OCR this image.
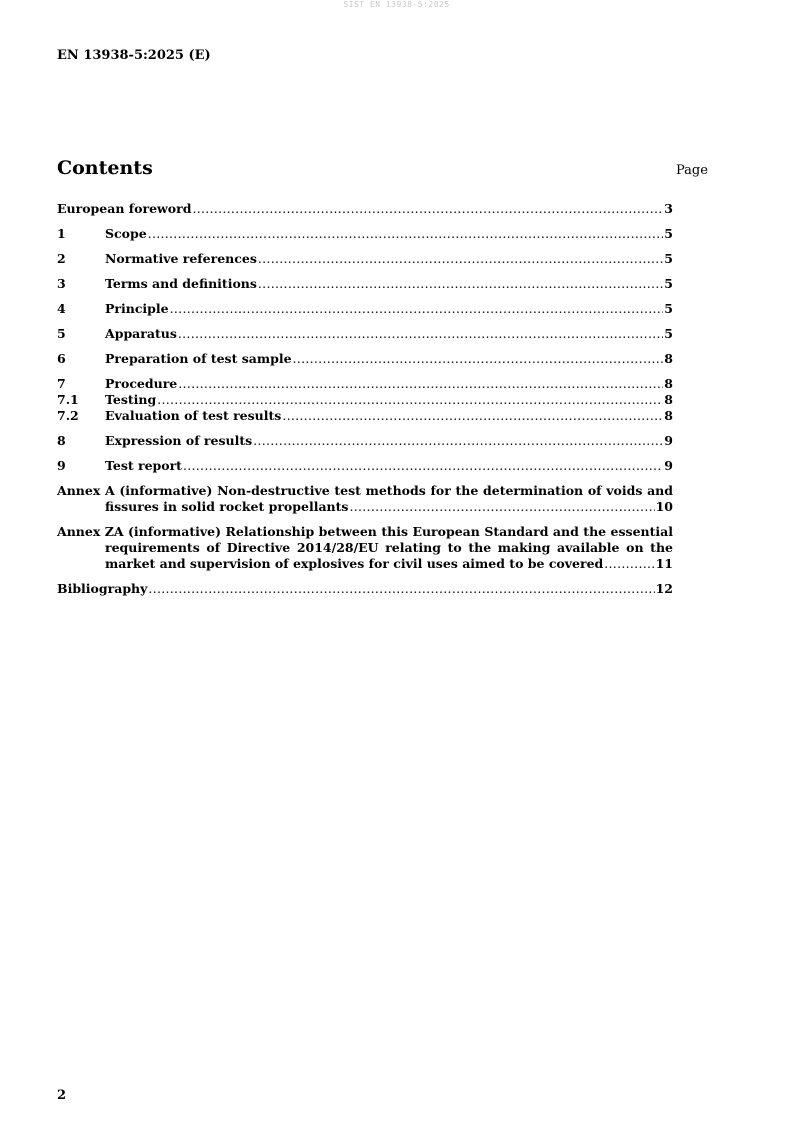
SIST EN 13938-5:2025
EN 13938-5:2025 (E)
Contents	Page
European foreword .....	3
1	Scope .....	5
2	Normative references .....	5
3	Terms and definitions .....	5
4	Principle .....	5
5	Apparatus .....	5
6	Preparation of test sample .....	8
7	Procedure .....	8
7.1	Testing .....	8
7.2	Evaluation of test results .....	8
8	Expression of results .....	9
9	Test report .....	9
Annex A (informative) Non-destructive test methods for the determination of voids and
fissures in solid rocket propellants .....	10
Annex ZA (informative) Relationship between this European Standard and the essential
requirements of Directive 2014/28/EU relating to the making available on the
market and supervision of explosives for civil uses aimed to be covered .....	11
Bibliography .....	12
2
